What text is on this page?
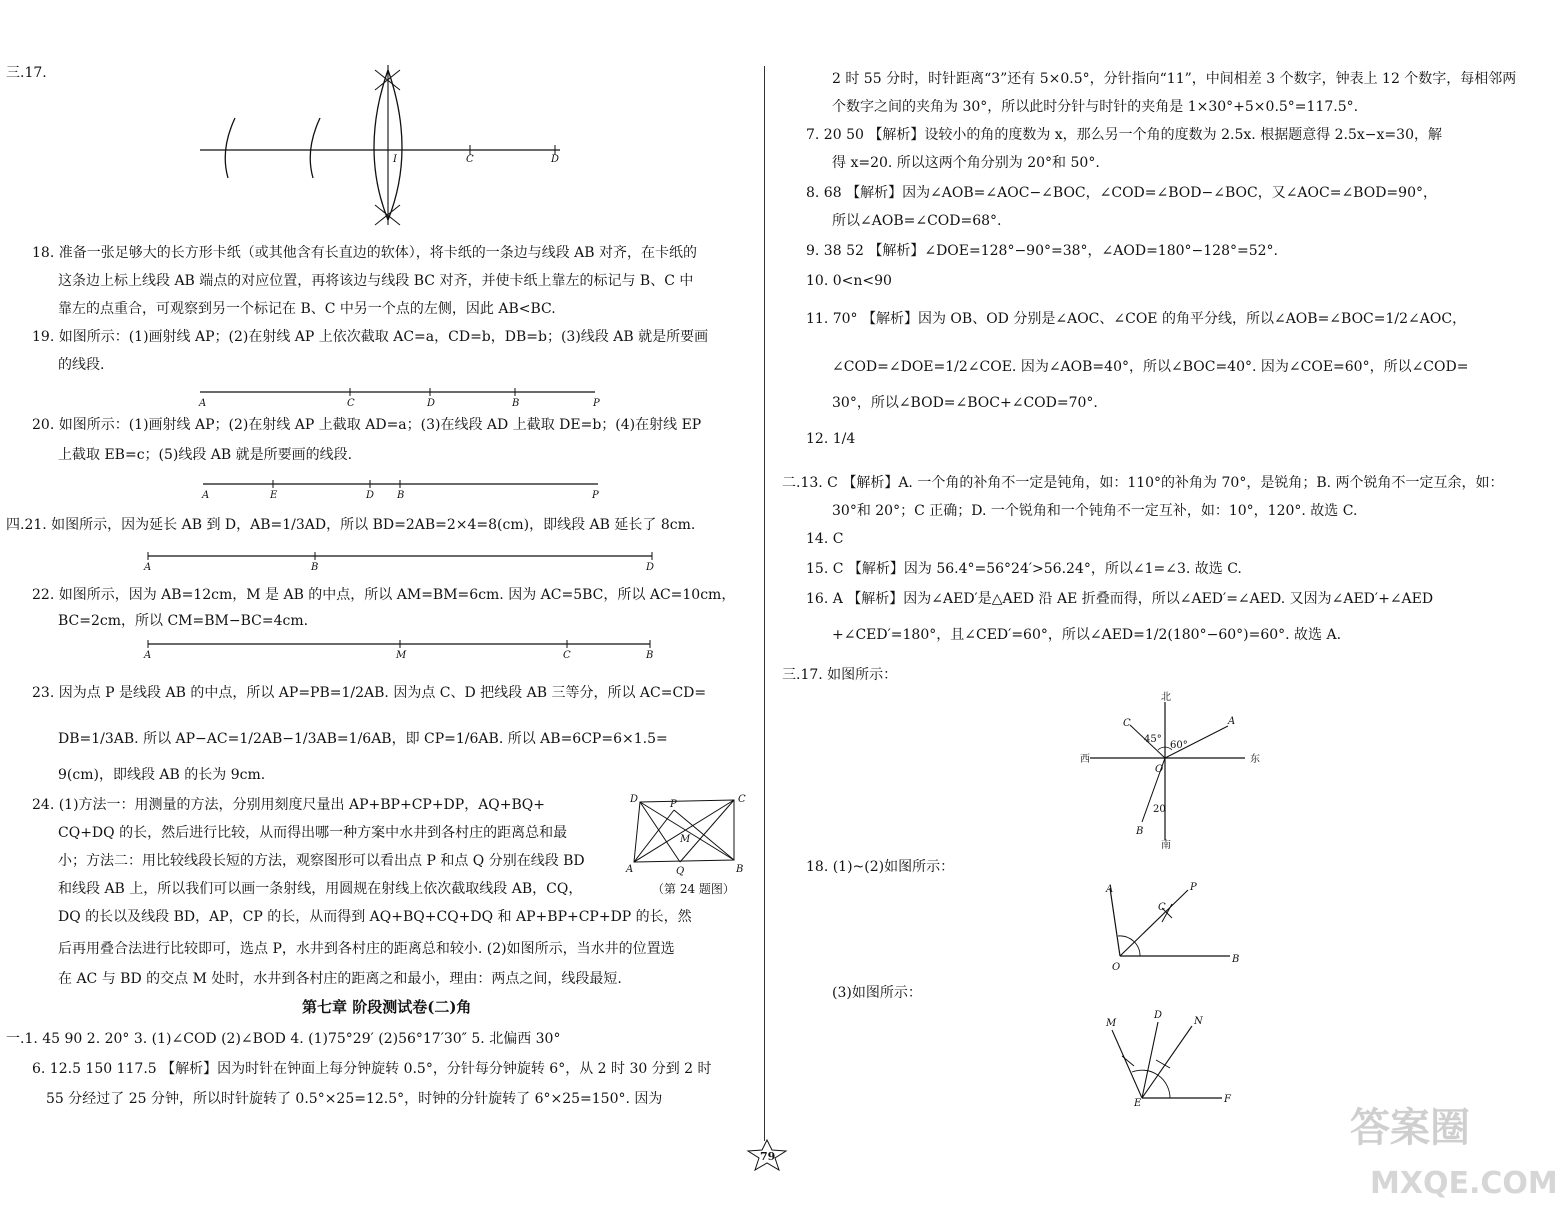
三.17.
I	C	D
18. 准备一张足够大的长方形卡纸（或其他含有长直边的软体），将卡纸的一条边与线段 AB 对齐，在卡纸的
这条边上标上线段 AB 端点的对应位置，再将该边与线段 BC 对齐，并使卡纸上靠左的标记与 B、C 中
靠左的点重合，可观察到另一个标记在 B、C 中另一个点的左侧，因此 AB<BC.
19. 如图所示：(1)画射线 AP；(2)在射线 AP 上依次截取 AC=a，CD=b，DB=b；(3)线段 AB 就是所要画
的线段.
A	C	D	B	P
20. 如图所示：(1)画射线 AP；(2)在射线 AP 上截取 AD=a；(3)在线段 AD 上截取 DE=b；(4)在射线 EP
上截取 EB=c；(5)线段 AB 就是所要画的线段.
A	E	D B	P
四.21. 如图所示，因为延长 AB 到 D，AB=1/3AD，所以 BD=2AB=2×4=8(cm)，即线段 AB 延长了 8cm.
A	B	D
22. 如图所示，因为 AB=12cm，M 是 AB 的中点，所以 AM=BM=6cm. 因为 AC=5BC，所以 AC=10cm，
BC=2cm，所以 CM=BM−BC=4cm.
A	M	C	B
23. 因为点 P 是线段 AB 的中点，所以 AP=PB=1/2AB. 因为点 C、D 把线段 AB 三等分，所以 AC=CD=
DB=1/3AB. 所以 AP−AC=1/2AB−1/3AB=1/6AB，即 CP=1/6AB. 所以 AB=6CP=6×1.5=
9(cm)，即线段 AB 的长为 9cm.
24. (1)方法一：用测量的方法，分别用刻度尺量出 AP+BP+CP+DP，AQ+BQ+
CQ+DQ 的长，然后进行比较，从而得出哪一种方案中水井到各村庄的距离总和最
小；方法二：用比较线段长短的方法，观察图形可以看出点 P 和点 Q 分别在线段 BD
和线段 AB 上，所以我们可以画一条射线，用圆规在射线上依次截取线段 AB，CQ，
D	C
P
M
A	Q	B
（第 24 题图）
DQ 的长以及线段 BD，AP，CP 的长，从而得到 AQ+BQ+CQ+DQ 和 AP+BP+CP+DP 的长，然
后再用叠合法进行比较即可，选点 P，水井到各村庄的距离总和较小. (2)如图所示，当水井的位置选
在 AC 与 BD 的交点 M 处时，水井到各村庄的距离之和最小，理由：两点之间，线段最短.
第七章 阶段测试卷(二)角
一.1. 45 90 2. 20° 3. (1)∠COD (2)∠BOD 4. (1)75°29′ (2)56°17′30″ 5. 北偏西 30°
6. 12.5 150 117.5 【解析】因为时针在钟面上每分钟旋转 0.5°，分针每分钟旋转 6°，从 2 时 30 分到 2 时
55 分经过了 25 分钟，所以时针旋转了 0.5°×25=12.5°，时钟的分针旋转了 6°×25=150°. 因为
2 时 55 分时，时针距离“3”还有 5×0.5°，分针指向“11”，中间相差 3 个数字，钟表上 12 个数字，每相邻两
个数字之间的夹角为 30°，所以此时分针与时针的夹角是 1×30°+5×0.5°=117.5°.
7. 20 50 【解析】设较小的角的度数为 x，那么另一个角的度数为 2.5x. 根据题意得 2.5x−x=30，解
得 x=20. 所以这两个角分别为 20°和 50°.
8. 68 【解析】因为∠AOB=∠AOC−∠BOC，∠COD=∠BOD−∠BOC，又∠AOC=∠BOD=90°，
所以∠AOB=∠COD=68°.
9. 38 52 【解析】∠DOE=128°−90°=38°，∠AOD=180°−128°=52°.
10. 0<n<90
11. 70° 【解析】因为 OB、OD 分别是∠AOC、∠COE 的角平分线，所以∠AOB=∠BOC=1/2∠AOC，
∠COD=∠DOE=1/2∠COE. 因为∠AOB=40°，所以∠BOC=40°. 因为∠COE=60°，所以∠COD=
30°，所以∠BOD=∠BOC+∠COD=70°.
12. 1/4
二.13. C 【解析】A. 一个角的补角不一定是钝角，如：110°的补角为 70°，是锐角；B. 两个锐角不一定互余，如：
30°和 20°；C 正确；D. 一个锐角和一个钝角不一定互补，如：10°，120°. 故选 C.
14. C
15. C 【解析】因为 56.4°=56°24′>56.24°，所以∠1=∠3. 故选 C.
16. A 【解析】因为∠AED′是△AED 沿 AE 折叠而得，所以∠AED′=∠AED. 又因为∠AED′+∠AED
+∠CED′=180°，且∠CED′=60°，所以∠AED=1/2(180°−60°)=60°. 故选 A.
三.17. 如图所示：
北
南
东
西
C	A
O
B
45°
60°
20
18. (1)~(2)如图所示：
A	P
C
O
B
(3)如图所示：
M
D
N
E	F
79
答案圈
MXQE.COM
